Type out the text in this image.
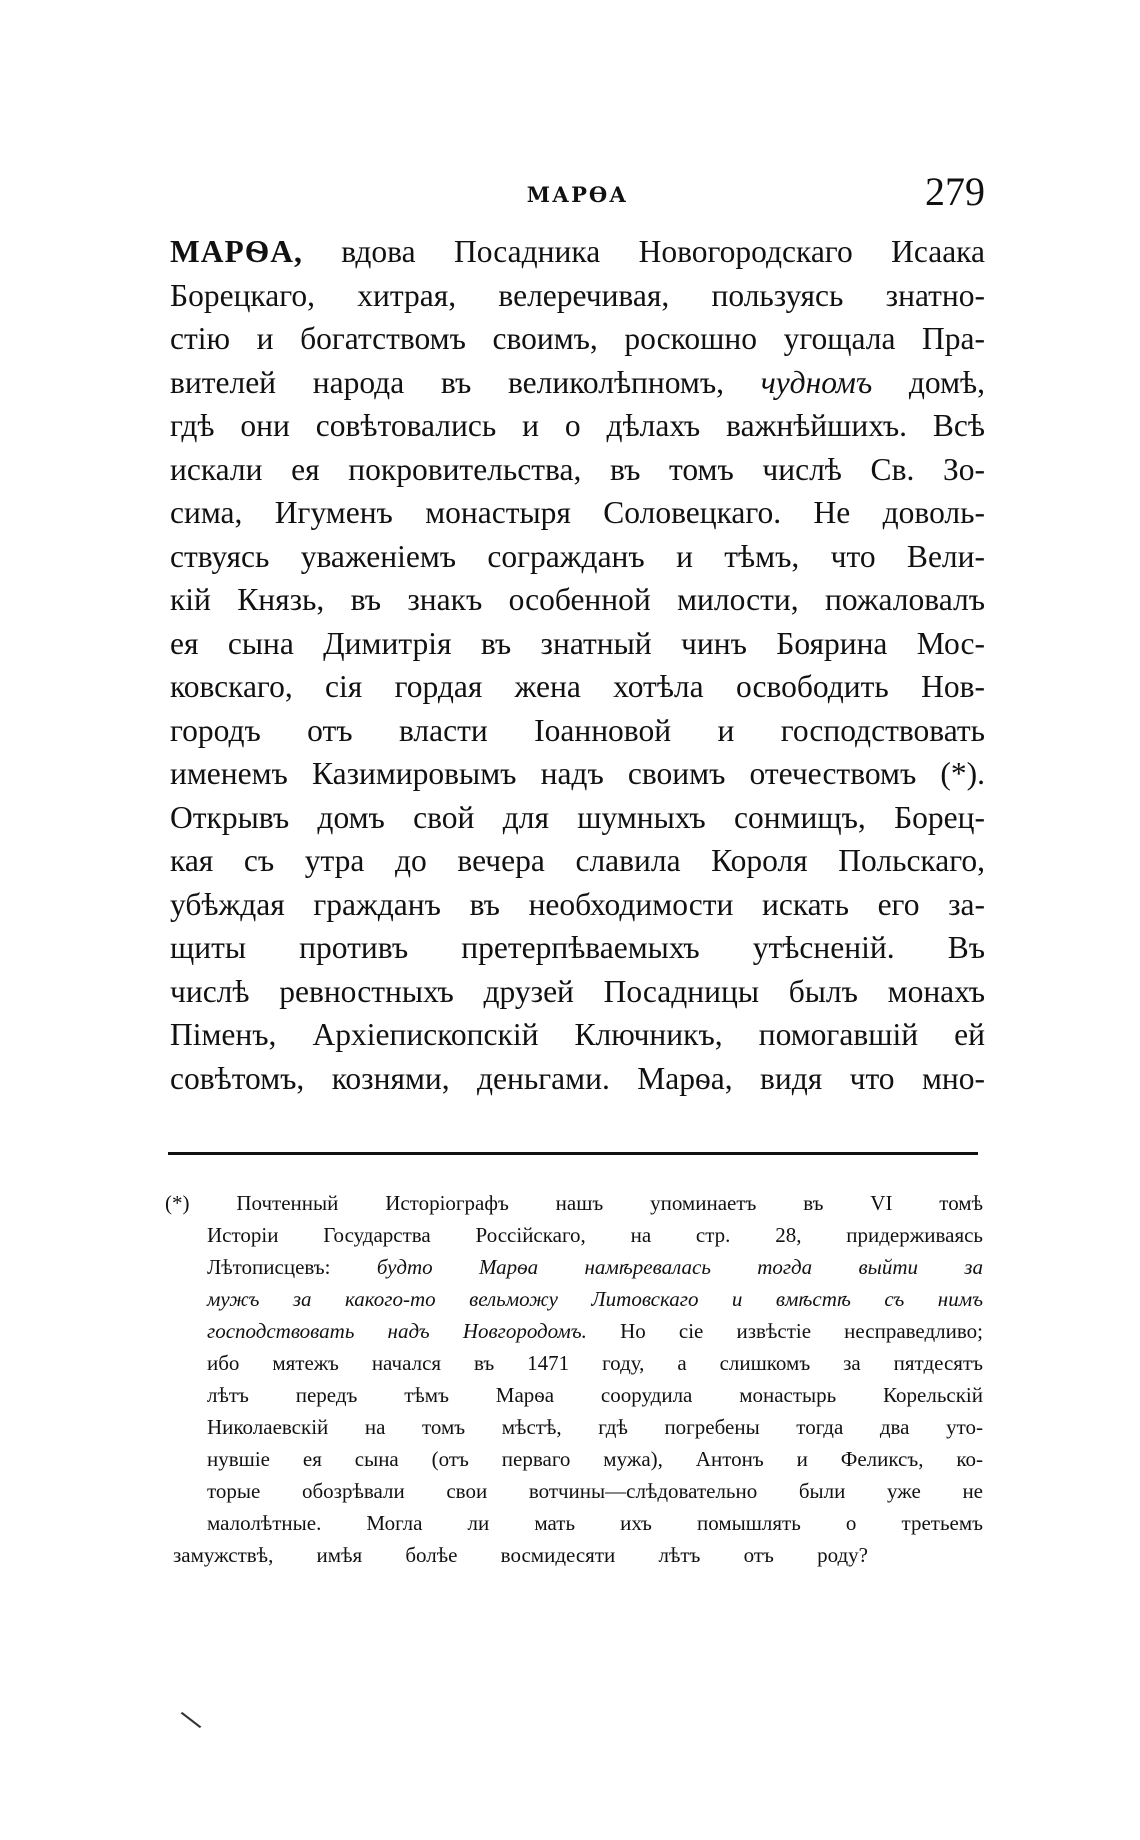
МАРѲА	279
МАРѲА, вдова Посадника Новогородскаго Исаака
Борецкаго, хитрая, велеречивая, пользуясь знатно-
стію и богатствомъ своимъ, роскошно угощала Пра-
вителей народа въ великолѣпномъ, чудномъ домѣ,
гдѣ они совѣтовались и о дѣлахъ важнѣйшихъ. Всѣ
искали ея покровительства, въ томъ числѣ Св. Зо-
сима, Игуменъ монастыря Соловецкаго. Не доволь-
ствуясь уваженіемъ согражданъ и тѣмъ, что Вели-
кій Князь, въ знакъ особенной милости, пожаловалъ
ея сына Димитрія въ знатный чинъ Боярина Мос-
ковскаго, сія гордая жена хотѣла освободить Нов-
городъ отъ власти Іоанновой и господствовать
именемъ Казимировымъ надъ своимъ отечествомъ (*).
Открывъ домъ свой для шумныхъ сонмищъ, Борец-
кая съ утра до вечера славила Короля Польскаго,
убѣждая гражданъ въ необходимости искать его за-
щиты противъ претерпѣваемыхъ утѣсненій. Въ
числѣ ревностныхъ друзей Посадницы былъ монахъ
Піменъ, Архіепископскій Ключникъ, помогавшій ей
совѣтомъ, кознями, деньгами. Марѳа, видя что мно-
(*) Почтенный Исторіографъ нашъ упоминаетъ въ VI томѣ
Исторіи Государства Россійскаго, на стр. 28, придерживаясь
Лѣтописцевъ: будто Марѳа намѣревалась тогда выйти за
мужъ за какого-то вельможу Литовскаго и вмѣстѣ съ нимъ
господствовать надъ Новгородомъ. Но сіе извѣстіе несправедливо;
ибо мятежъ начался въ 1471 году, а слишкомъ за пятдесятъ
лѣтъ передъ тѣмъ Марѳа соорудила монастырь Корельскій
Николаевскій на томъ мѣстѣ, гдѣ погребены тогда два уто-
нувшіе ея сына (отъ перваго мужа), Антонъ и Феликсъ, ко-
торые обозрѣвали свои вотчины—слѣдовательно были уже не
малолѣтные. Могла ли мать ихъ помышлять о третьемъ
замужствѣ, имѣя болѣе восмидесяти лѣтъ отъ роду?
\
